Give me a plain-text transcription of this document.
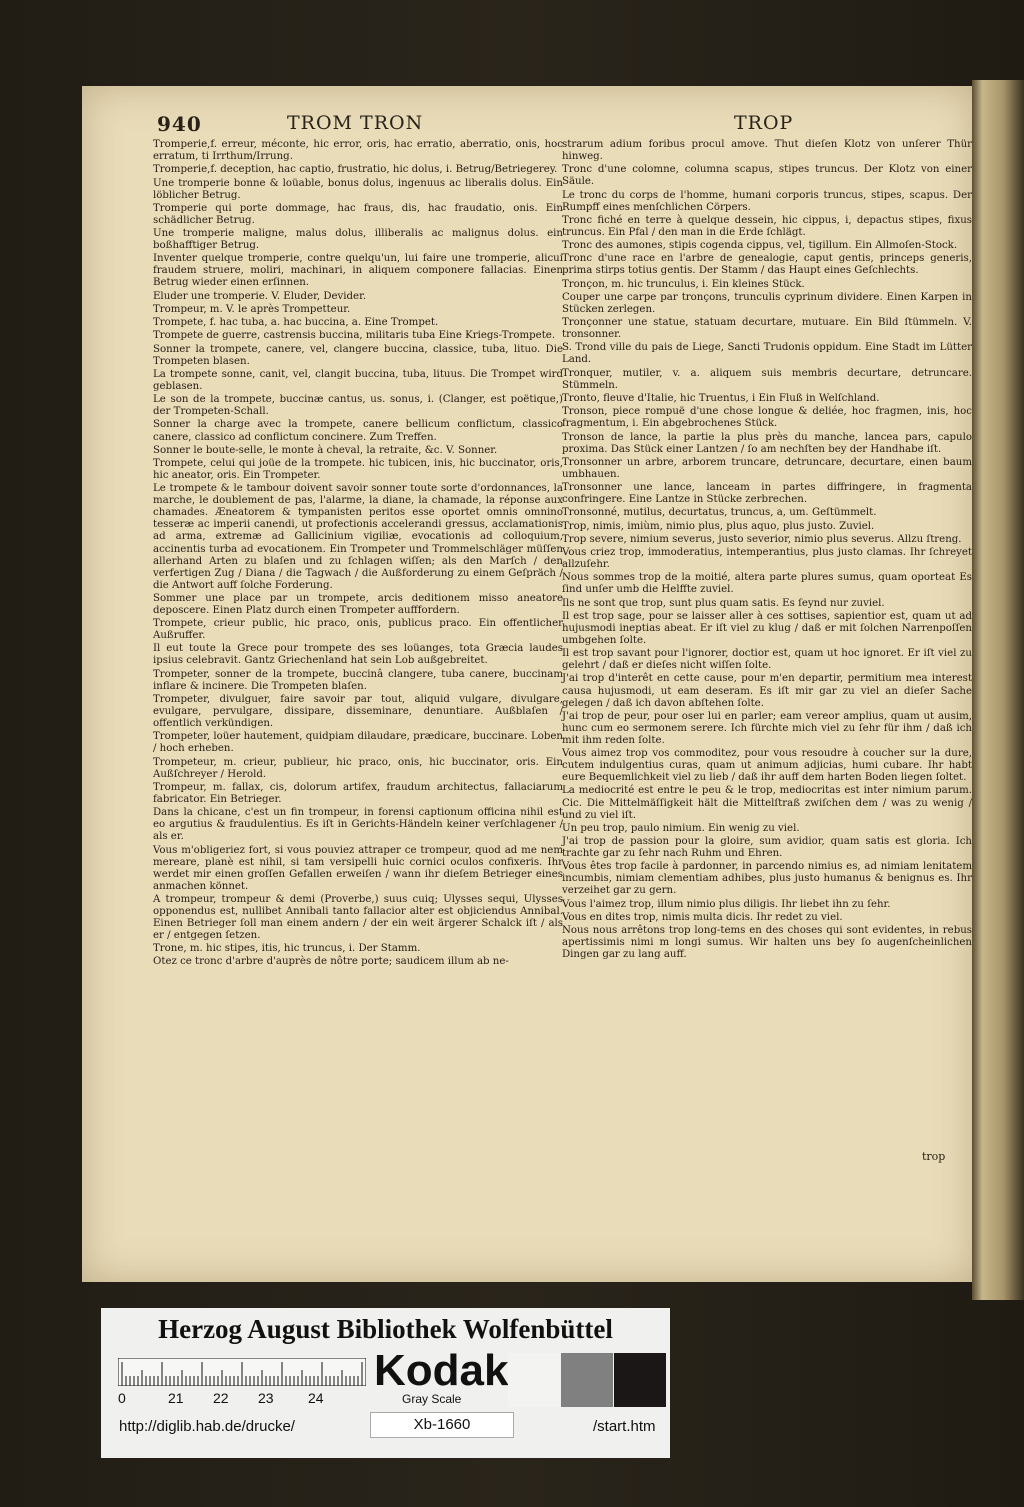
940	TROM TRON	TROP

Tromperie,f. erreur, méconte, hic error, oris, hac erratio, aberratio, onis, hoc erratum, ti Irrthum/Irrung.

Tromperie,f. deception, hac captio, frustratio, hic dolus, i. Betrug/Betriegerey.

Une tromperie bonne & loüable, bonus dolus, ingenuus ac liberalis dolus. Ein löblicher Betrug.

Tromperie qui porte dommage, hac fraus, dis, hac fraudatio, onis. Ein schädlicher Betrug.

Une tromperie maligne, malus dolus, illiberalis ac malignus dolus. ein boßhafftiger Betrug.

Inventer quelque tromperie, contre quelqu'un, lui faire une tromperie, alicui fraudem struere, moliri, machinari, in aliquem componere fallacias. Einen Betrug wieder einen erſinnen.

Eluder une tromperie. V. Eluder, Devider.

Trompeur, m. V. le après Trompetteur.

Trompete, f. hac tuba, a. hac buccina, a. Eine Trompet.

Trompete de guerre, castrensis buccina, militaris tuba Eine Kriegs-Trompete.

Sonner la trompete, canere, vel, clangere buccina, classice, tuba, lituo. Die Trompeten blasen.

La trompete sonne, canit, vel, clangit buccina, tuba, lituus. Die Trompet wird geblasen.

Le son de la trompete, buccinæ cantus, us. sonus, i. (Clanger, est poëtique,) der Trompeten-Schall.

Sonner la charge avec la trompete, canere bellicum conflictum, classico canere, classico ad conflictum concinere. Zum Treffen.

Sonner le boute-selle, le monte à cheval, la retraite, &c. V. Sonner.

Trompete, celui qui joüe de la trompete. hic tubicen, inis, hic buccinator, oris, hic aneator, oris. Ein Trompeter.

Le trompete & le tambour doivent savoir sonner toute sorte d'ordonnances, la marche, le doublement de pas, l'alarme, la diane, la chamade, la réponse aux chamades. Æneatorem & tympanisten peritos esse oportet omnis omnino tesseræ ac imperii canendi, ut profectionis accelerandi gressus, acclamationis ad arma, extremæ ad Gallicinium vigiliæ, evocationis ad colloquium, accinentis turba ad evocationem. Ein Trompeter und Trommelschläger müſſen allerhand Arten zu blaſen und zu ſchlagen wiſſen; als den Marſch / den verfertigen Zug / Diana / die Tagwach / die Außforderung zu einem Geſpräch / die Antwort auff ſolche Forderung.

Sommer une place par un trompete, arcis deditionem misso aneatore deposcere. Einen Platz durch einen Trompeter aufffordern.

Trompete, crieur public, hic praco, onis, publicus praco. Ein offentlicher Außruffer.

Il eut toute la Grece pour trompete des ses loüanges, tota Græcia laudes ipsius celebravit. Gantz Griechenland hat sein Lob außgebreitet.

Trompeter, sonner de la trompete, buccinâ clangere, tuba canere, buccinam inflare & incinere. Die Trompeten blaſen.

Trompeter, divulguer, faire savoir par tout, aliquid vulgare, divulgare, evulgare, pervulgare, dissipare, disseminare, denuntiare. Außblaſen / offentlich verkündigen.

Trompeter, loüer hautement, quidpiam dilaudare, prædicare, buccinare. Loben / hoch erheben.

Trompeteur, m. crieur, publieur, hic praco, onis, hic buccinator, oris. Ein Außſchreyer / Herold.

Trompeur, m. fallax, cis, dolorum artifex, fraudum architectus, fallaciarum fabricator. Ein Betrieger.

Dans la chicane, c'est un fin trompeur, in forensi captionum officina nihil est eo argutius & fraudulentius. Es iſt in Gerichts-Händeln keiner verſchlagener / als er.

Vous m'obligeriez fort, si vous pouviez attraper ce trompeur, quod ad me nem mereare, planè est nihil, si tam versipelli huic cornici oculos confixeris. Ihr werdet mir einen groſſen Gefallen erweiſen / wann ihr dieſem Betrieger eines anmachen könnet.

A trompeur, trompeur & demi (Proverbe,) suus cuiq; Ulysses sequi, Ulysses opponendus est, nullibet Annibali tanto fallacior alter est objiciendus Annibal. Einen Betrieger ſoll man einem andern / der ein weit ärgerer Schalck iſt / als er / entgegen ſetzen.

Trone, m. hic stipes, itis, hic truncus, i. Der Stamm.

Otez ce tronc d'arbre d'auprès de nôtre porte; saudicem illum ab ne-

strarum adium foribus procul amove. Thut dieſen Klotz von unſerer Thür hinweg.

Tronc d'une colomne, columna scapus, stipes truncus. Der Klotz von einer Säule.

Le tronc du corps de l'homme, humani corporis truncus, stipes, scapus. Der Rumpff eines menſchlichen Cörpers.

Tronc fiché en terre à quelque dessein, hic cippus, i, depactus stipes, fixus truncus. Ein Pfal / den man in die Erde ſchlägt.

Tronc des aumones, stipis cogenda cippus, vel, tigillum. Ein Allmoſen-Stock.

Tronc d'une race en l'arbre de genealogie, caput gentis, princeps generis, prima stirps totius gentis. Der Stamm / das Haupt eines Geſchlechts.

Tronçon, m. hic trunculus, i. Ein kleines Stück.

Couper une carpe par tronçons, trunculis cyprinum dividere. Einen Karpen in Stücken zerlegen.

Tronçonner une statue, statuam decurtare, mutuare. Ein Bild ſtümmeln. V. tronsonner.

S. Trond ville du pais de Liege, Sancti Trudonis oppidum. Eine Stadt im Lütter Land.

Tronquer, mutiler, v. a. aliquem suis membris decurtare, detruncare. Stümmeln.

Tronto, fleuve d'Italie, hic Truentus, i Ein Fluß in Welſchland.

Tronson, piece rompuë d'une chose longue & deliée, hoc fragmen, inis, hoc fragmentum, i. Ein abgebrochenes Stück.

Tronson de lance, la partie la plus près du manche, lancea pars, capulo proxima. Das Stück einer Lantzen / ſo am nechſten bey der Handhabe iſt.

Tronsonner un arbre, arborem truncare, detruncare, decurtare, einen baum umbhauen.

Tronsonner une lance, lanceam in partes diffringere, in fragmenta confringere. Eine Lantze in Stücke zerbrechen.

Tronsonné, mutilus, decurtatus, truncus, a, um. Geſtümmelt.

Trop, nimis, imiùm, nimio plus, plus aquo, plus justo. Zuviel.

Trop severe, nimium severus, justo severior, nimio plus severus. Allzu ſtreng.

Vous criez trop, immoderatius, intemperantius, plus justo clamas. Ihr ſchreyet allzuſehr.

Nous sommes trop de la moitié, altera parte plures sumus, quam oporteat Es ſind unſer umb die Helffte zuviel.

Ils ne sont que trop, sunt plus quam satis. Es ſeynd nur zuviel.

Il est trop sage, pour se laisser aller à ces sottises, sapientior est, quam ut ad hujusmodi ineptias abeat. Er iſt viel zu klug / daß er mit ſolchen Narrenpoſſen umbgehen ſolte.

Il est trop savant pour l'ignorer, doctior est, quam ut hoc ignoret. Er iſt viel zu gelehrt / daß er dieſes nicht wiſſen ſolte.

J'ai trop d'interêt en cette cause, pour m'en departir, permitium mea interest causa hujusmodi, ut eam deseram. Es iſt mir gar zu viel an dieſer Sache gelegen / daß ich davon abſtehen ſolte.

J'ai trop de peur, pour oser lui en parler; eam vereor amplius, quam ut ausim, hunc cum eo sermonem serere. Ich fürchte mich viel zu ſehr für ihm / daß ich mit ihm reden ſolte.

Vous aimez trop vos commoditez, pour vous resoudre à coucher sur la dure, cutem indulgentius curas, quam ut animum adjicias, humi cubare. Ihr habt eure Bequemlichkeit viel zu lieb / daß ihr auff dem harten Boden liegen ſoltet.

La mediocrité est entre le peu & le trop, mediocritas est inter nimium parum. Cic. Die Mittelmäſſigkeit hält die Mittelſtraß zwiſchen dem / was zu wenig / und zu viel iſt.

Un peu trop, paulo nimium. Ein wenig zu viel.

J'ai trop de passion pour la gloire, sum avidior, quam satis est gloria. Ich trachte gar zu ſehr nach Ruhm und Ehren.

Vous êtes trop facile à pardonner, in parcendo nimius es, ad nimiam lenitatem incumbis, nimiam clementiam adhibes, plus justo humanus & benignus es. Ihr verzeihet gar zu gern.

Vous l'aimez trop, illum nimio plus diligis. Ihr liebet ihn zu ſehr.

Vous en dites trop, nimis multa dicis. Ihr redet zu viel.

Nous nous arrêtons trop long-tems en des choses qui sont evidentes, in rebus apertissimis nimi m longi sumus. Wir halten uns bey ſo augenſcheinlichen Dingen gar zu lang auff.

trop
Herzog August Bibliothek Wolfenbüttel
0	21 22 23 24
Kodak
Gray Scale
http://diglib.hab.de/drucke/	Xb-1660	/start.htm
